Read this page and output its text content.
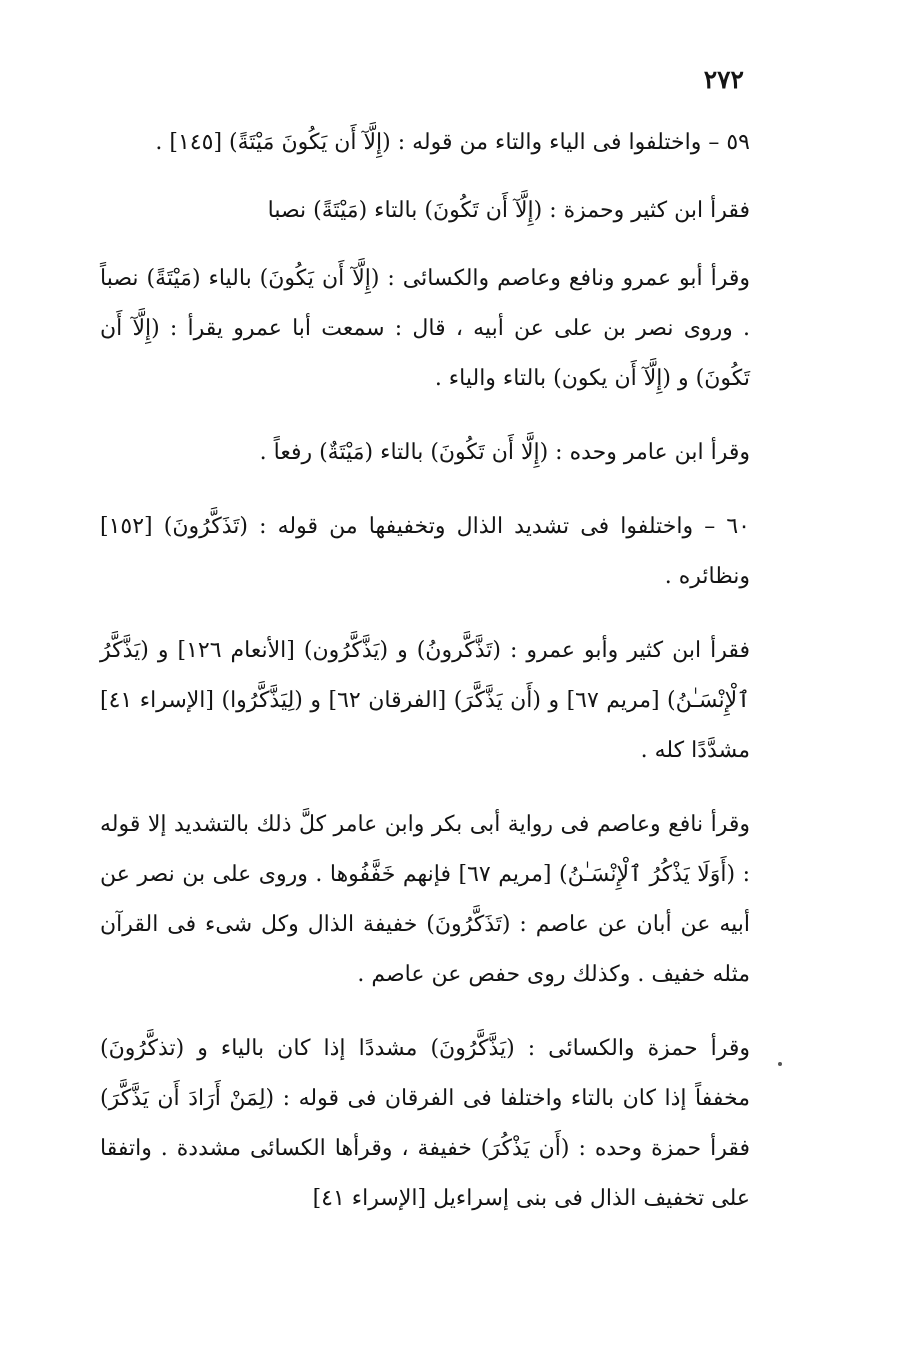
٢٧٢

٥٩ – واختلفوا فى الياء والتاء من قوله : (إِلَّآ أَن يَكُونَ مَيْتَةً) [١٤٥] .

فقرأ ابن كثير وحمزة : (إِلَّآ أَن تَكُونَ) بالتاء (مَيْتَةً) نصبا

وقرأ أبو عمرو ونافع وعاصم والكسائى : (إِلَّآ أَن يَكُونَ) بالياء (مَيْتَةً) نصباً . وروى نصر بن على عن أبيه ، قال : سمعت أبا عمرو يقرأ : (إِلَّآ أَن تَكُونَ) و (إِلَّآ أَن يكون) بالتاء والياء .

وقرأ ابن عامر وحده : (إِلَّا أَن تَكُونَ) بالتاء (مَيْتَةٌ) رفعاً .

٦٠ – واختلفوا فى تشديد الذال وتخفيفها من قوله : (تَذَكَّرُونَ) [١٥٢] ونظائره .

فقرأ ابن كثير وأبو عمرو : (تَذَّكَّرونُ) و (يَذَّكَّرُون) [الأنعام ١٢٦] و (يَذَّكَّرُ ٱلْإِنْسَـٰنُ) [مريم ٦٧] و (أَن يَذَّكَّرَ) [الفرقان ٦٢] و (لِيَذَّكَّرُوا) [الإسراء ٤١] مشدَّدًا كله .

وقرأ نافع وعاصم فى رواية أبى بكر وابن عامر كلَّ ذلك بالتشديد إلا قوله : (أَوَلَا يَذْكُرُ ٱلْإِنْسَـٰنُ) [مريم ٦٧] فإنهم خَفَّفُوها . وروى على بن نصر عن أبيه عن أبان عن عاصم : (تَذَكَّرُونَ) خفيفة الذال وكل شىء فى القرآن مثله خفيف . وكذلك روى حفص عن عاصم .

وقرأ حمزة والكسائى : (يَذَّكَّرُونَ) مشددًا إذا كان بالياء و (تذكَّرُونَ) مخففاً إذا كان بالتاء واختلفا فى الفرقان فى قوله : (لِمَنْ أَرَادَ أَن يَذَّكَّرَ) فقرأ حمزة وحده : (أَن يَذْكُرَ) خفيفة ، وقرأها الكسائى مشددة . واتفقا على تخفيف الذال فى بنى إسراءيل [الإسراء ٤١]
